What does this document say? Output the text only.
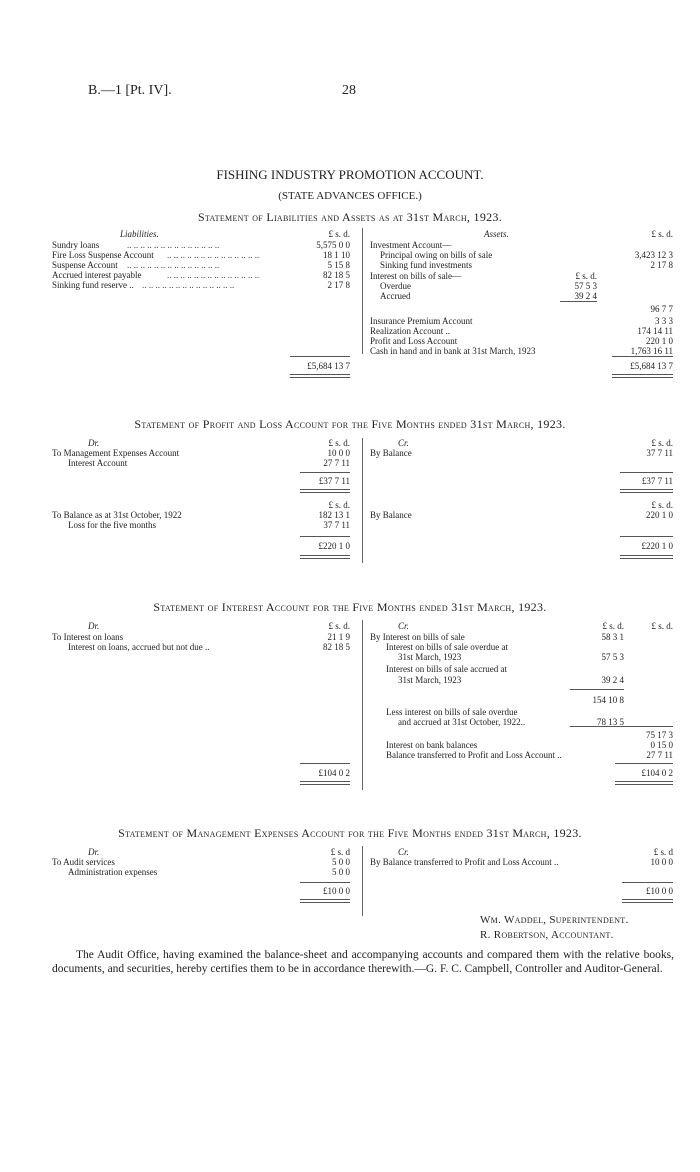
B.—1 [Pt. IV].	28
FISHING INDUSTRY PROMOTION ACCOUNT.
(STATE ADVANCES OFFICE.)
Statement of Liabilities and Assets as at 31st March, 1923.
Liabilities.	Assets.
£ s. d.	£ s. d.
Sundry loans	.. .. .. .. .. .. .. .. .. .. .. .. .. ..	5,575 0 0
Fire Loss Suspense Account .. .. .. .. .. .. .. .. .. .. .. .. .. ..	18 1 10
Suspense Account .. .. .. .. .. .. .. .. .. .. .. .. .. ..	5 15 8
Accrued interest payable	.. .. .. .. .. .. .. .. .. .. .. .. .. ..	82 18 5
Sinking fund reserve .. .. .. .. .. .. .. .. .. .. .. .. .. .. ..	2 17 8
£5,684 13 7
Investment Account—
Principal owing on bills of sale	3,423 12 3
Sinking fund investments	2 17 8
Interest on bills of sale—	£ s. d.
Overdue	57 5 3
Accrued	39 2 4
96 7 7
Insurance Premium Account	3 3 3
Realization Account ..	174 14 11
Profit and Loss Account	220 1 0
Cash in hand and in bank at 31st March, 1923	1,763 16 11
£5,684 13 7
Statement of Profit and Loss Account for the Five Months ended 31st March, 1923.
Dr.	Cr.
£ s. d.	£ s. d.
To Management Expenses Account	10 0 0
Interest Account	27 7 11
By Balance	37 7 11
£37 7 11	£37 7 11
£ s. d.	£ s. d.
To Balance as at 31st October, 1922	182 13 1
Loss for the five months	37 7 11
By Balance	220 1 0
£220 1 0	£220 1 0
Statement of Interest Account for the Five Months ended 31st March, 1923.
Dr.	Cr.
£ s. d.	£ s. d.	£ s. d.
To Interest on loans	21 1 9
Interest on loans, accrued but not due ..	82 18 5
By Interest on bills of sale	58 3 1
Interest on bills of sale overdue at
31st March, 1923	57 5 3
Interest on bills of sale accrued at
31st March, 1923	39 2 4
154 10 8
Less interest on bills of sale overdue
and accrued at 31st October, 1922..	78 13 5
75 17 3
Interest on bank balances	0 15 0
Balance transferred to Profit and Loss Account ..	27 7 11
£104 0 2	£104 0 2
Statement of Management Expenses Account for the Five Months ended 31st March, 1923.
Dr.	Cr.
£ s. d	£ s. d
To Audit services	5 0 0
Administration expenses	5 0 0
By Balance transferred to Profit and Loss Account ..	10 0 0
£10 0 0	£10 0 0
Wm. Waddel, Superintendent.
R. Robertson, Accountant.
The Audit Office, having examined the balance-sheet and accompanying accounts and compared them with the relative books, documents, and securities, hereby certifies them to be in accordance therewith.—G. F. C. Campbell, Controller and Auditor-General.
